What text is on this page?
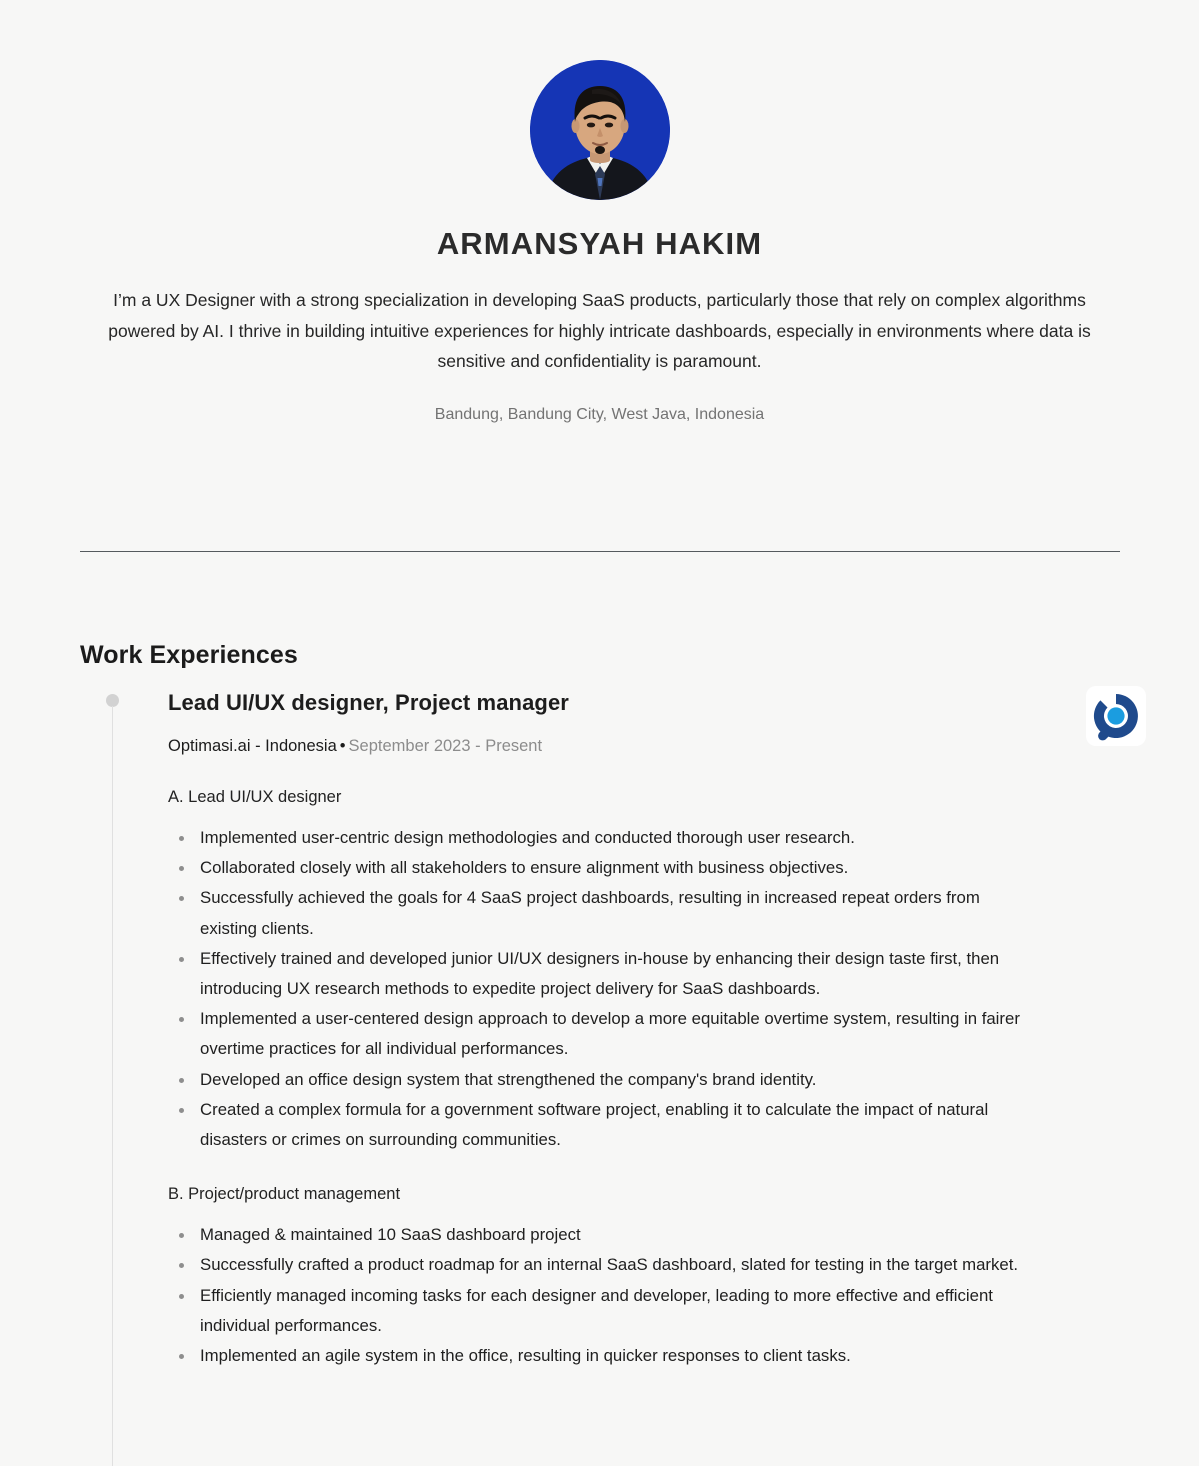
ARMANSYAH HAKIM

I’m a UX Designer with a strong specialization in developing SaaS products, particularly those that rely on complex algorithms powered by AI. I thrive in building intuitive experiences for highly intricate dashboards, especially in environments where data is sensitive and confidentiality is paramount.

Bandung, Bandung City, West Java, Indonesia

Work Experiences
Lead UI/UX designer, Project manager
Optimasi.ai - Indonesia • September 2023 - Present
A. Lead UI/UX designer
Implemented user-centric design methodologies and conducted thorough user research.
Collaborated closely with all stakeholders to ensure alignment with business objectives.
Successfully achieved the goals for 4 SaaS project dashboards, resulting in increased repeat orders from existing clients.
Effectively trained and developed junior UI/UX designers in-house by enhancing their design taste first, then introducing UX research methods to expedite project delivery for SaaS dashboards.
Implemented a user-centered design approach to develop a more equitable overtime system, resulting in fairer overtime practices for all individual performances.
Developed an office design system that strengthened the company's brand identity.
Created a complex formula for a government software project, enabling it to calculate the impact of natural disasters or crimes on surrounding communities.
B. Project/product management
Managed & maintained 10 SaaS dashboard project
Successfully crafted a product roadmap for an internal SaaS dashboard, slated for testing in the target market.
Efficiently managed incoming tasks for each designer and developer, leading to more effective and efficient individual performances.
Implemented an agile system in the office, resulting in quicker responses to client tasks.
